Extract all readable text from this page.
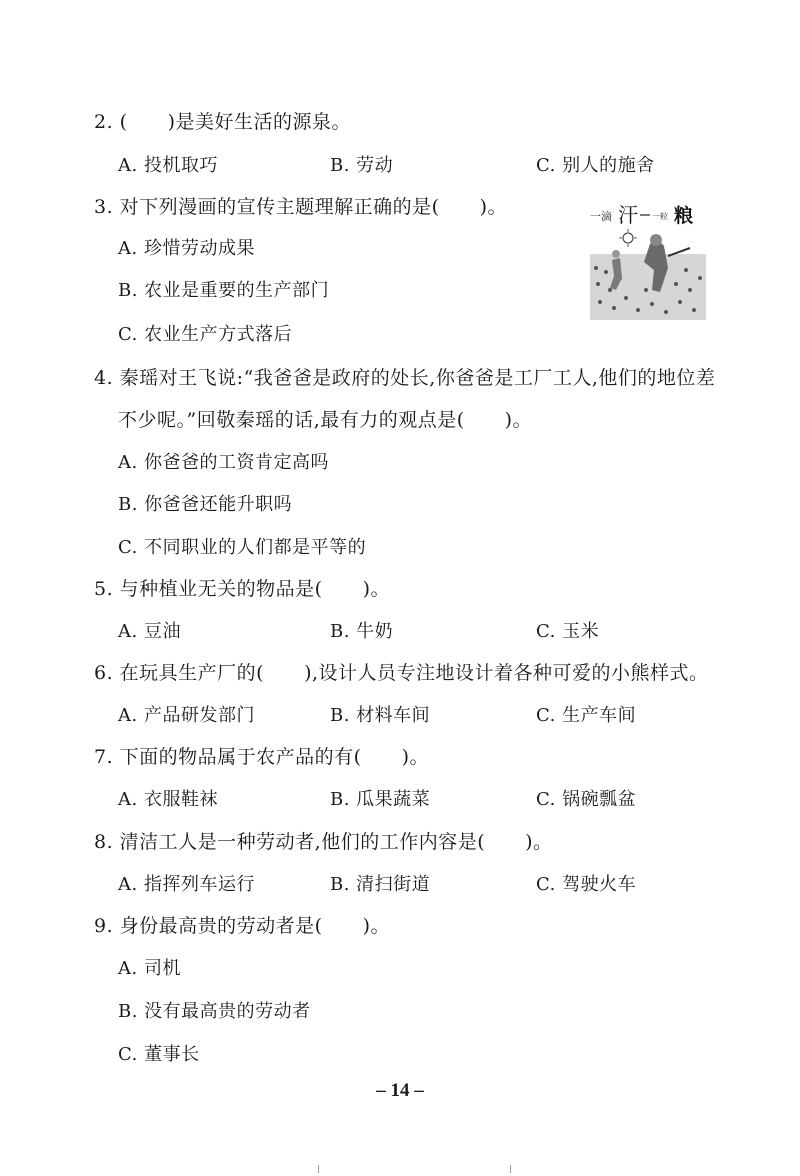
2. ( )是美好生活的源泉。
A. 投机取巧	B. 劳动	C. 别人的施舍
3. 对下列漫画的宣传主题理解正确的是( )。
A. 珍惜劳动成果
B. 农业是重要的生产部门
C. 农业生产方式落后
一滴 汗 一粒 粮
4. 秦瑶对王飞说:“我爸爸是政府的处长,你爸爸是工厂工人,他们的地位差
不少呢。”回敬秦瑶的话,最有力的观点是( )。
A. 你爸爸的工资肯定高吗
B. 你爸爸还能升职吗
C. 不同职业的人们都是平等的
5. 与种植业无关的物品是( )。
A. 豆油	B. 牛奶	C. 玉米
6. 在玩具生产厂的( ),设计人员专注地设计着各种可爱的小熊样式。
A. 产品研发部门	B. 材料车间	C. 生产车间
7. 下面的物品属于农产品的有( )。
A. 衣服鞋袜	B. 瓜果蔬菜	C. 锅碗瓢盆
8. 清洁工人是一种劳动者,他们的工作内容是( )。
A. 指挥列车运行	B. 清扫街道	C. 驾驶火车
9. 身份最高贵的劳动者是( )。
A. 司机
B. 没有最高贵的劳动者
C. 董事长
– 14 –
